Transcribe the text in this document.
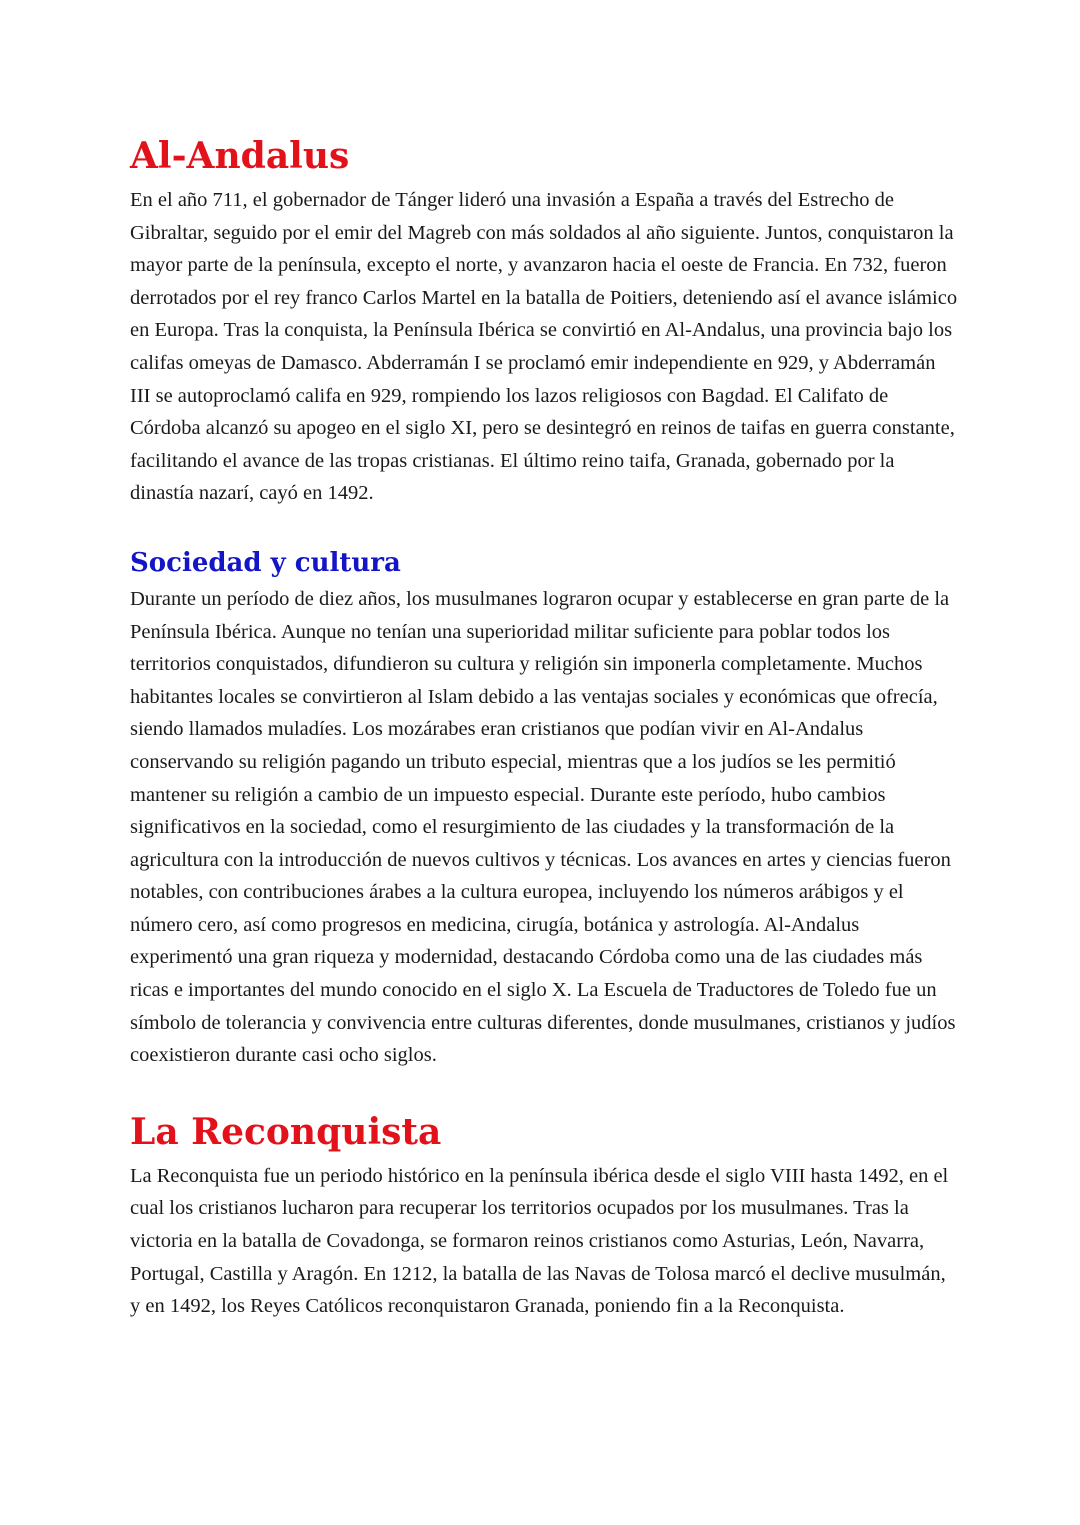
Al-Andalus

En el año 711, el gobernador de Tánger lideró una invasión a España a través del Estrecho de Gibraltar, seguido por el emir del Magreb con más soldados al año siguiente. Juntos, conquistaron la mayor parte de la península, excepto el norte, y avanzaron hacia el oeste de Francia. En 732, fueron derrotados por el rey franco Carlos Martel en la batalla de Poitiers, deteniendo así el avance islámico en Europa. Tras la conquista, la Península Ibérica se convirtió en Al-Andalus, una provincia bajo los califas omeyas de Damasco. Abderramán I se proclamó emir independiente en 929, y Abderramán III se autoproclamó califa en 929, rompiendo los lazos religiosos con Bagdad. El Califato de Córdoba alcanzó su apogeo en el siglo XI, pero se desintegró en reinos de taifas en guerra constante, facilitando el avance de las tropas cristianas. El último reino taifa, Granada, gobernado por la dinastía nazarí, cayó en 1492.

Sociedad y cultura

Durante un período de diez años, los musulmanes lograron ocupar y establecerse en gran parte de la Península Ibérica. Aunque no tenían una superioridad militar suficiente para poblar todos los territorios conquistados, difundieron su cultura y religión sin imponerla completamente. Muchos habitantes locales se convirtieron al Islam debido a las ventajas sociales y económicas que ofrecía, siendo llamados muladíes. Los mozárabes eran cristianos que podían vivir en Al-Andalus conservando su religión pagando un tributo especial, mientras que a los judíos se les permitió mantener su religión a cambio de un impuesto especial. Durante este período, hubo cambios significativos en la sociedad, como el resurgimiento de las ciudades y la transformación de la agricultura con la introducción de nuevos cultivos y técnicas. Los avances en artes y ciencias fueron notables, con contribuciones árabes a la cultura europea, incluyendo los números arábigos y el número cero, así como progresos en medicina, cirugía, botánica y astrología. Al-Andalus experimentó una gran riqueza y modernidad, destacando Córdoba como una de las ciudades más ricas e importantes del mundo conocido en el siglo X. La Escuela de Traductores de Toledo fue un símbolo de tolerancia y convivencia entre culturas diferentes, donde musulmanes, cristianos y judíos coexistieron durante casi ocho siglos.

La Reconquista

La Reconquista fue un periodo histórico en la península ibérica desde el siglo VIII hasta 1492, en el cual los cristianos lucharon para recuperar los territorios ocupados por los musulmanes. Tras la victoria en la batalla de Covadonga, se formaron reinos cristianos como Asturias, León, Navarra, Portugal, Castilla y Aragón. En 1212, la batalla de las Navas de Tolosa marcó el declive musulmán, y en 1492, los Reyes Católicos reconquistaron Granada, poniendo fin a la Reconquista.
